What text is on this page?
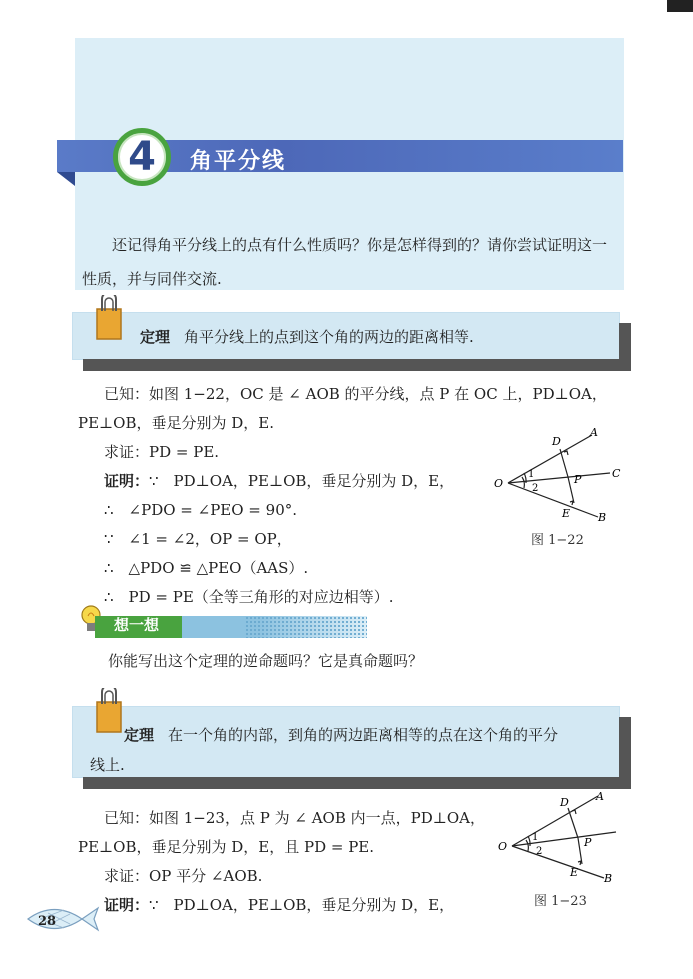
4 角平分线

还记得角平分线上的点有什么性质吗？你是怎样得到的？请你尝试证明这一性质，并与同伴交流.

定理 角平分线上的点到这个角的两边的距离相等.
已知：如图 1−22，OC 是 ∠ AOB 的平分线，点 P 在 OC 上，PD⊥OA，
PE⊥OB，垂足分别为 D，E.
求证：PD = PE.
证明：∵　PD⊥OA，PE⊥OB，垂足分别为 D，E，
∴　∠PDO = ∠PEO = 90°.
∵　∠1 = ∠2，OP = OP，
∴　△PDO ≌ △PEO（AAS）.
∴　PD = PE（全等三角形的对应边相等）.
A
B
C
D
E
O	P
1
2
图 1−22
想一想
你能写出这个定理的逆命题吗？它是真命题吗？
定理 在一个角的内部，到角的两边距离相等的点在这个角的平分
线上.
已知：如图 1−23，点 P 为 ∠ AOB 内一点，PD⊥OA，
PE⊥OB，垂足分别为 D，E，且 PD = PE.
求证：OP 平分 ∠AOB.
证明：∵　PD⊥OA，PE⊥OB，垂足分别为 D，E，
A
B
D
E
O	P
1
2
图 1−23
28
